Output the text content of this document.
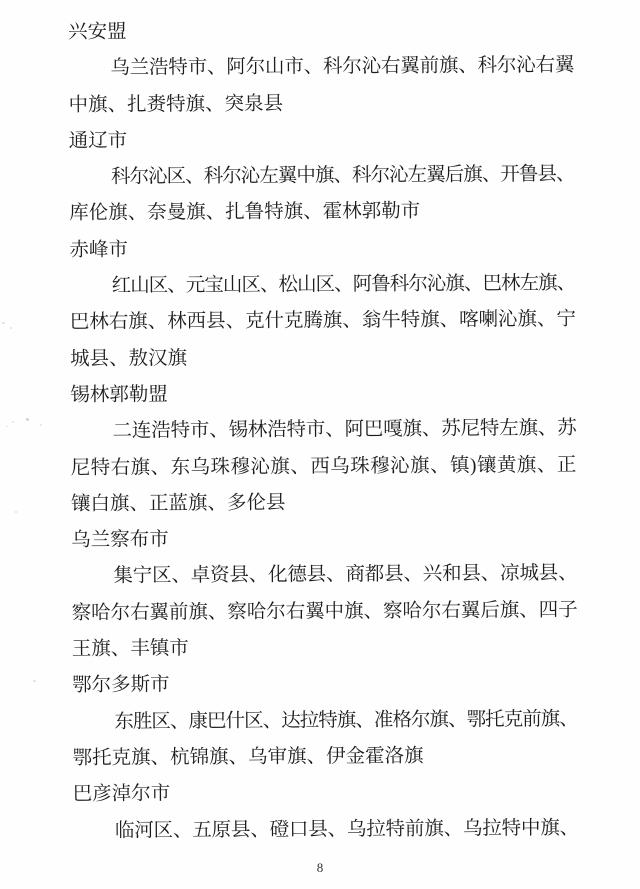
兴安盟
乌兰浩特市、阿尔山市、科尔沁右翼前旗、科尔沁右翼
中旗、扎赉特旗、突泉县
通辽市
科尔沁区、科尔沁左翼中旗、科尔沁左翼后旗、开鲁县、
库伦旗、奈曼旗、扎鲁特旗、霍林郭勒市
赤峰市
红山区、元宝山区、松山区、阿鲁科尔沁旗、巴林左旗、
巴林右旗、林西县、克什克腾旗、翁牛特旗、喀喇沁旗、宁
城县、敖汉旗
锡林郭勒盟
二连浩特市、锡林浩特市、阿巴嘎旗、苏尼特左旗、苏
尼特右旗、东乌珠穆沁旗、西乌珠穆沁旗、镇)镶黄旗、正
镶白旗、正蓝旗、多伦县
乌兰察布市
集宁区、卓资县、化德县、商都县、兴和县、凉城县、
察哈尔右翼前旗、察哈尔右翼中旗、察哈尔右翼后旗、四子
王旗、丰镇市
鄂尔多斯市
东胜区、康巴什区、达拉特旗、准格尔旗、鄂托克前旗、
鄂托克旗、杭锦旗、乌审旗、伊金霍洛旗
巴彦淖尔市
临河区、五原县、磴口县、乌拉特前旗、乌拉特中旗、
8
